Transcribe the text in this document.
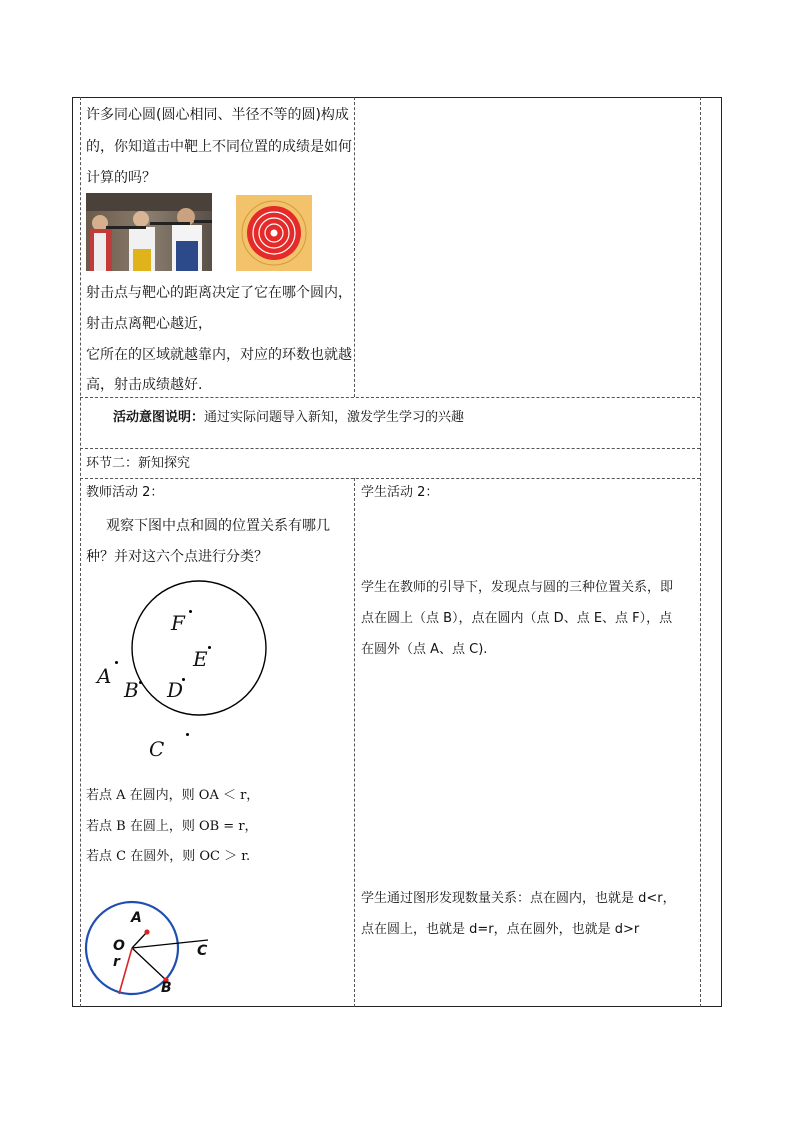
许多同心圆(圆心相同、半径不等的圆)构成
的，你知道击中靶上不同位置的成绩是如何
计算的吗？
射击点与靶心的距离决定了它在哪个圆内，
射击点离靶心越近，
它所在的区域就越靠内，对应的环数也就越
高，射击成绩越好.
活动意图说明：通过实际问题导入新知，激发学生学习的兴趣
环节二：新知探究
教师活动 2：
观察下图中点和圆的位置关系有哪几
种？并对这六个点进行分类？
F
E
A
B D
C
若点 A 在圆内，则 OA ＜ r，
若点 B 在圆上，则 OB = r，
若点 C 在圆外，则 OC ＞ r.
A
O
r
C
B
学生活动 2：
学生在教师的引导下，发现点与圆的三种位置关系，即
点在圆上（点 B），点在圆内（点 D、点 E、点 F），点
在圆外（点 A、点 C).
学生通过图形发现数量关系：点在圆内，也就是 d<r，
点在圆上，也就是 d=r，点在圆外，也就是 d>r
